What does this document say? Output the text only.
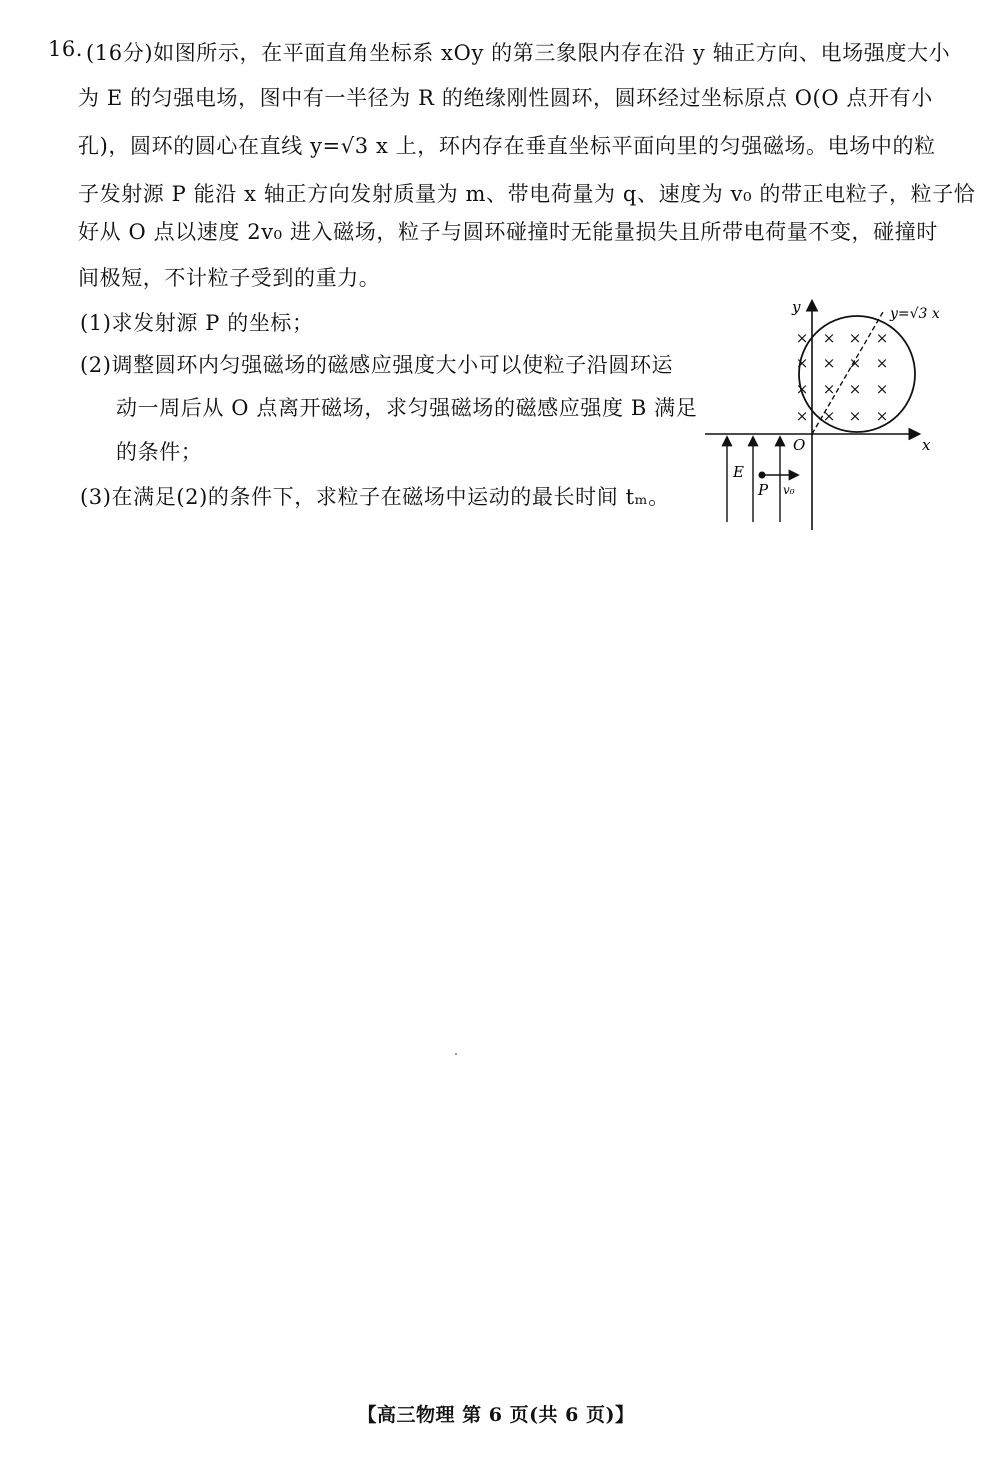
16. (16分)如图所示，在平面直角坐标系 xOy 的第三象限内存在沿 y 轴正方向、电场强度大小
为 E 的匀强电场，图中有一半径为 R 的绝缘刚性圆环，圆环经过坐标原点 O(O 点开有小
孔)，圆环的圆心在直线 y=√3 x 上，环内存在垂直坐标平面向里的匀强磁场。电场中的粒
子发射源 P 能沿 x 轴正方向发射质量为 m、带电荷量为 q、速度为 v₀ 的带正电粒子，粒子恰
好从 O 点以速度 2v₀ 进入磁场，粒子与圆环碰撞时无能量损失且所带电荷量不变，碰撞时
间极短，不计粒子受到的重力。
(1)求发射源 P 的坐标；
(2)调整圆环内匀强磁场的磁感应强度大小可以使粒子沿圆环运
动一周后从 O 点离开磁场，求匀强磁场的磁感应强度 B 满足
的条件；
(3)在满足(2)的条件下，求粒子在磁场中运动的最长时间 tₘ。
y
x
O
y=√3 x
× × × ×
× × × ×
× × × ×
× × × ×
E
P v₀
【高三物理 第 6 页(共 6 页)】
